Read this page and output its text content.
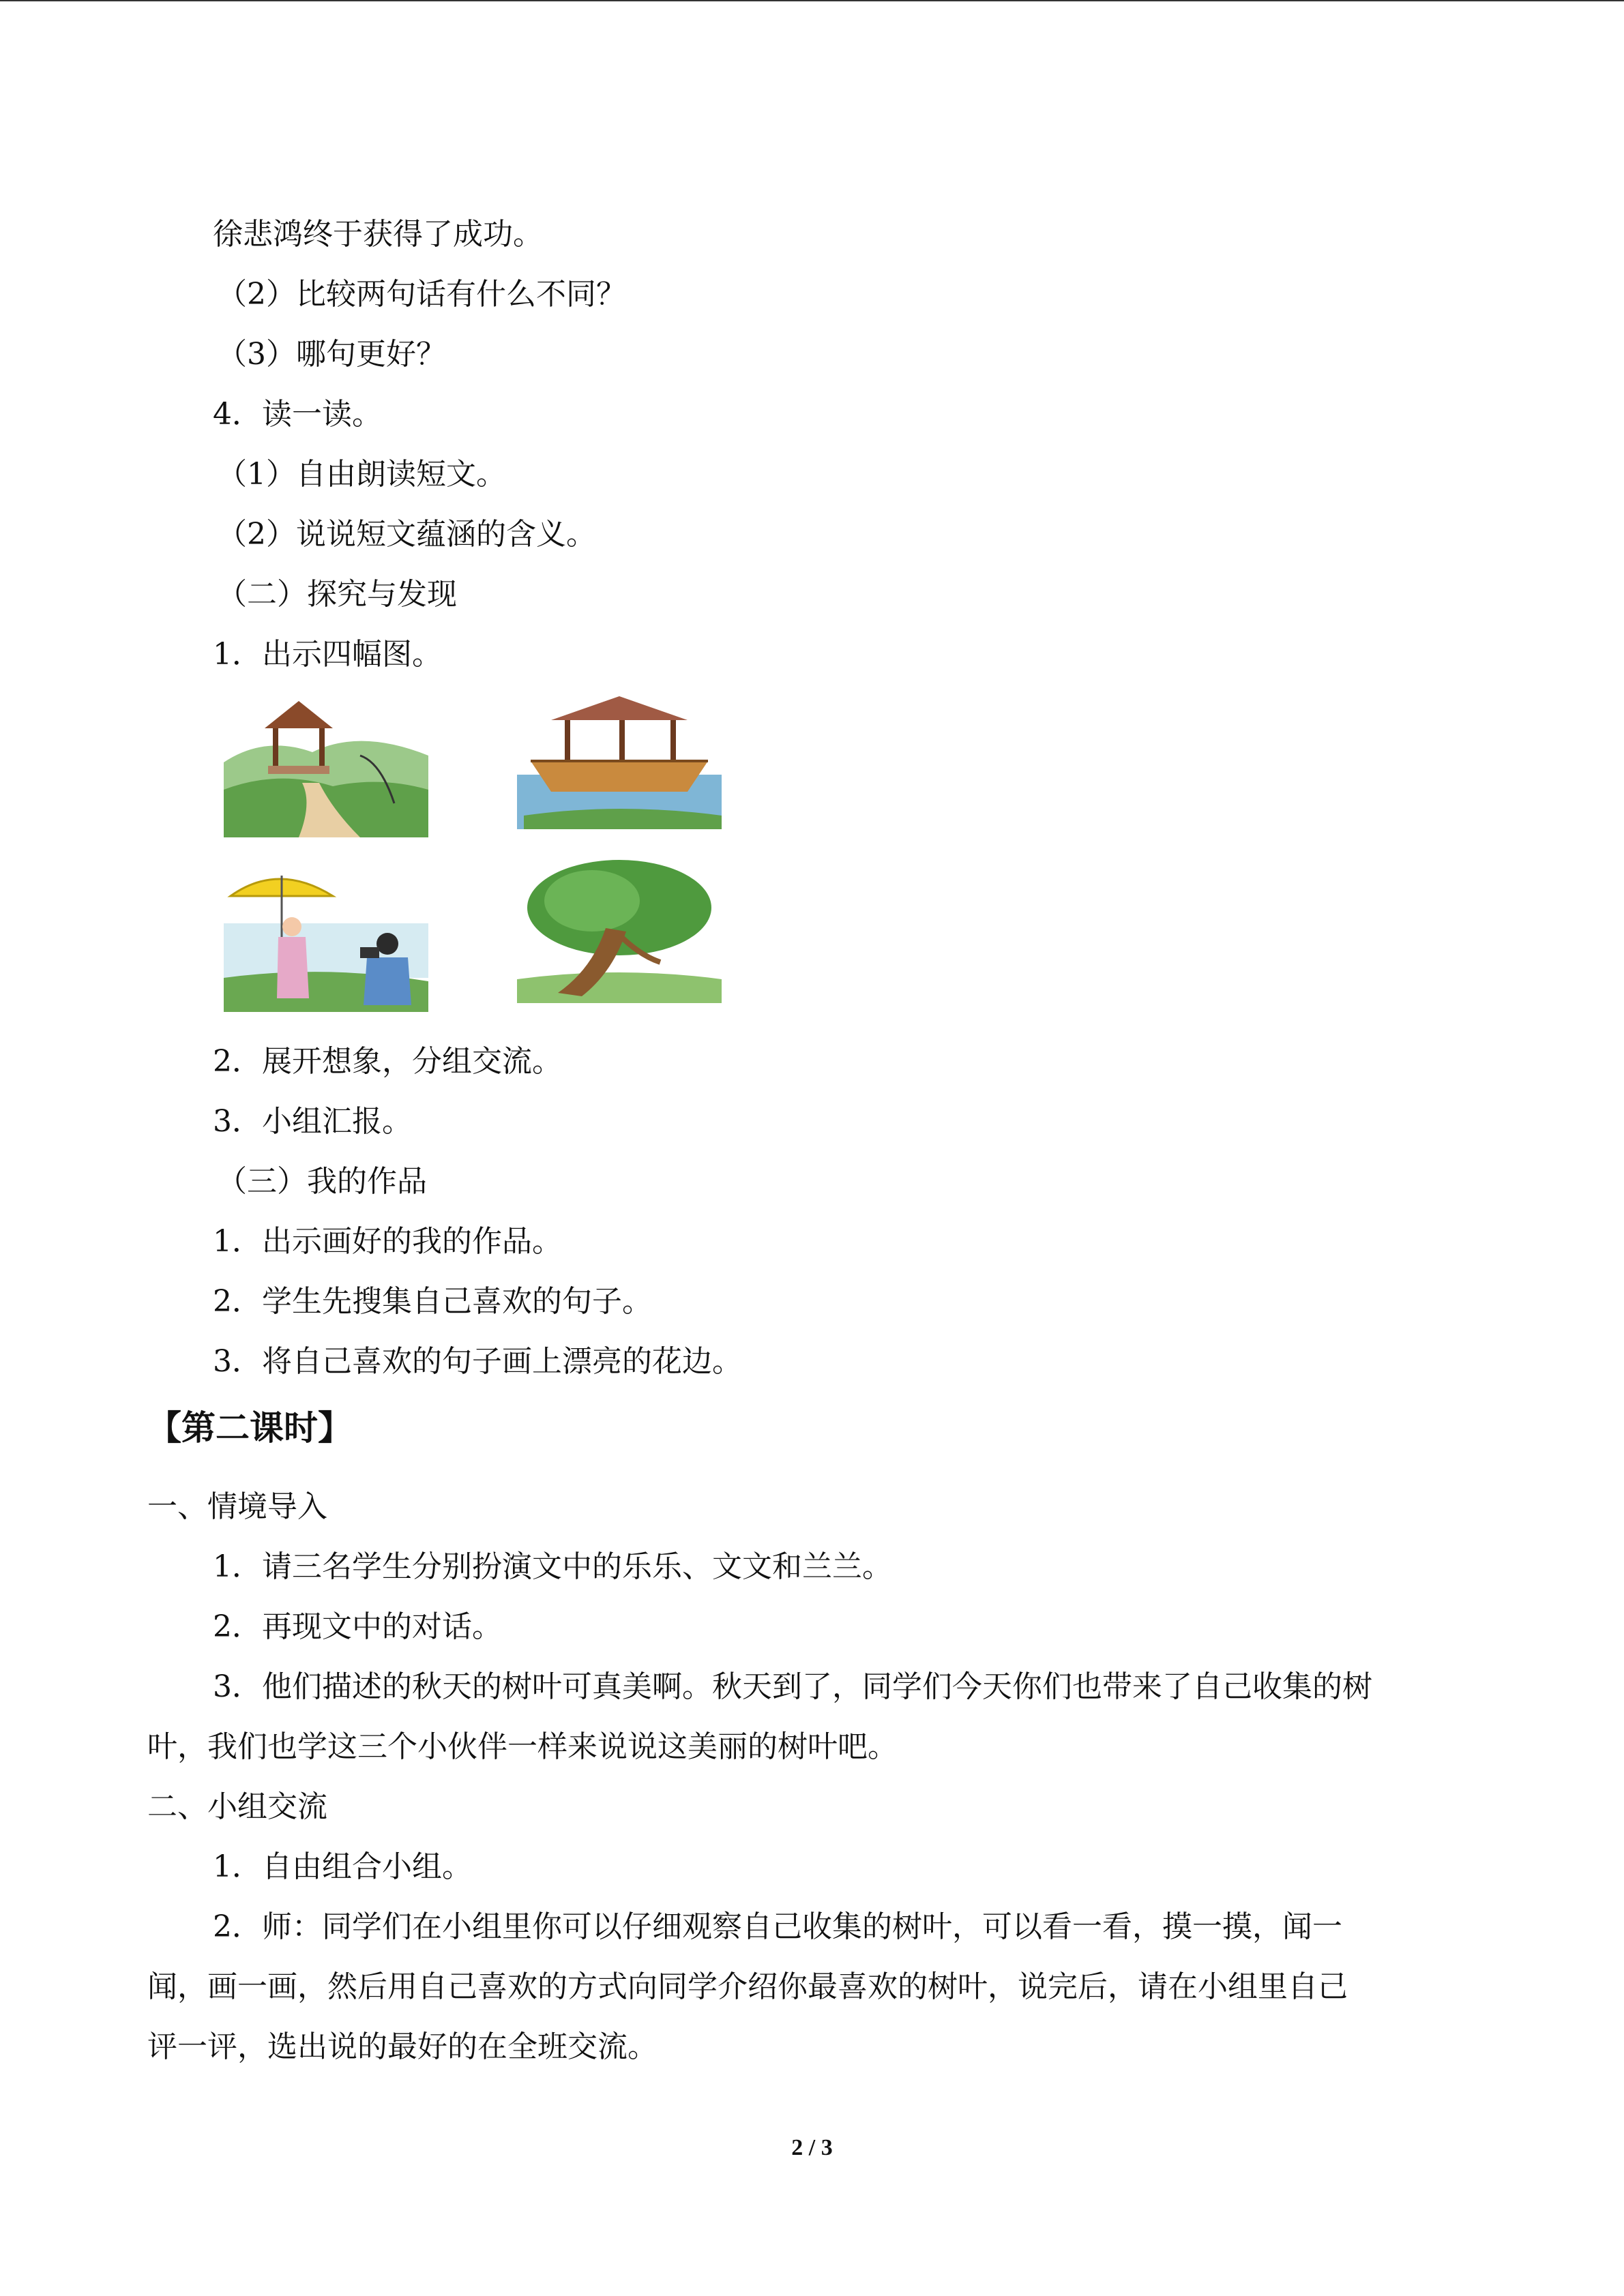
徐悲鸿终于获得了成功。
（2）比较两句话有什么不同？
（3）哪句更好？
4．读一读。
（1）自由朗读短文。
（2）说说短文蕴涵的含义。
（二）探究与发现
1．出示四幅图。
2．展开想象，分组交流。
3．小组汇报。
（三）我的作品
1．出示画好的我的作品。
2．学生先搜集自己喜欢的句子。
3．将自己喜欢的句子画上漂亮的花边。
【第二课时】
一、情境导入
1．请三名学生分别扮演文中的乐乐、文文和兰兰。
2．再现文中的对话。
3．他们描述的秋天的树叶可真美啊。秋天到了，同学们今天你们也带来了自己收集的树
叶，我们也学这三个小伙伴一样来说说这美丽的树叶吧。
二、小组交流
1．自由组合小组。
2．师：同学们在小组里你可以仔细观察自己收集的树叶，可以看一看，摸一摸，闻一
闻，画一画，然后用自己喜欢的方式向同学介绍你最喜欢的树叶，说完后，请在小组里自己
评一评，选出说的最好的在全班交流。
2 / 3
